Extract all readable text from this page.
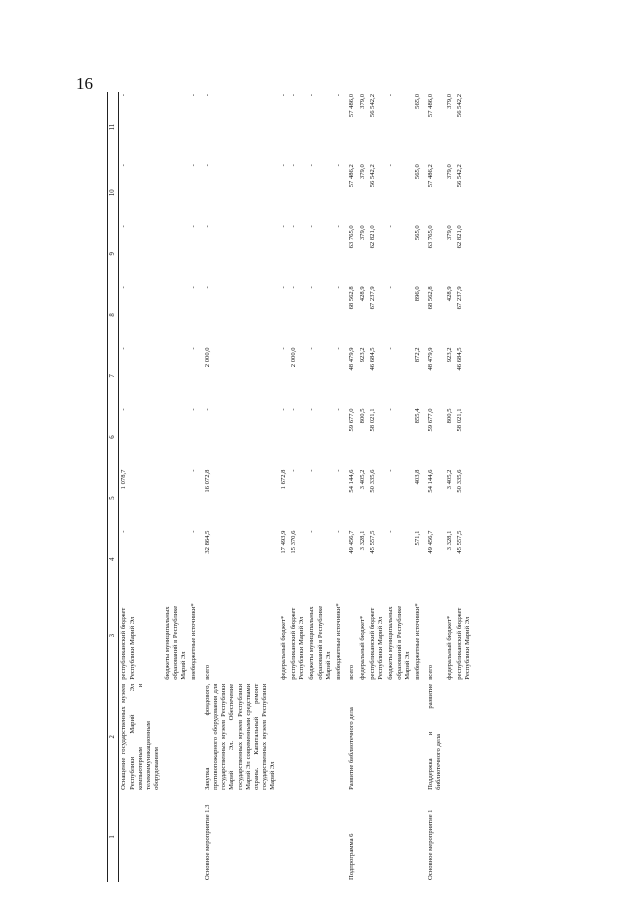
16
1	2	3	4	5	6	7	8	9	10	11
	Оснащение государственных музеев Республики Марий Эл компьютерным и телекоммуникационным оборудованием	республиканский бюджет Республики Марий Эл	-	1 078,7	-	-	-	-	-	-
		бюджеты муниципальных образований в Республике Марий Эл								
		внебюджетные источники*	-	-	-	-	-	-	-	-
Основное мероприятие 1.3	Закупка фондового, противопожарного оборудования для государственных музеев Республики Марий Эл. Обеспечение государственных музеев Республики Марий Эл современными средствами охраны. Капитальный ремонт государственных музеев Республики Марий Эл	всего	32 864,5	16 072,8	-	2 000,0	-	-	-	-
		федеральный бюджет*	17 493,9	1 672,8	-	-	-	-	-	-
		республиканский бюджет Республики Марий Эл	15 370,6	-	-	2 000,0	-	-	-	-
		бюджеты муниципальных образований в Республике Марий Эл	-	-	-	-	-	-	-	-
		внебюджетные источники*	-	-	-	-	-	-	-	-
Подпрограмма 6	Развитие библиотечного дела	всего	49 456,7	54 144,6	59 677,0	48 479,9	68 562,8	63 765,0	57 486,2	57 486,0
		федеральный бюджет*	3 328,1	3 405,2	800,5	923,2	428,9	379,0	379,0	379,0
		республиканский бюджет Республики Марий Эл	45 557,5	50 335,6	58 021,1	46 684,5	67 237,9	62 821,0	56 542,2	56 542,2
		бюджеты муниципальных образований в Республике Марий Эл	-	-	-	-	-	-	-	-
		внебюджетные источники*	571,1	403,8	855,4	872,2	896,0	565,0	565,0	565,0
Основное мероприятие 1	Поддержка и развитие библиотечного дела	всего	49 456,7	54 144,6	59 677,0	48 479,9	68 562,8	63 765,0	57 486,2	57 486,0
		федеральный бюджет*	3 328,1	3 405,2	800,5	923,2	428,9	379,0	379,0	379,0
		республиканский бюджет Республики Марий Эл	45 557,5	50 335,6	58 021,1	46 684,5	67 237,9	62 821,0	56 542,2	56 542,2
